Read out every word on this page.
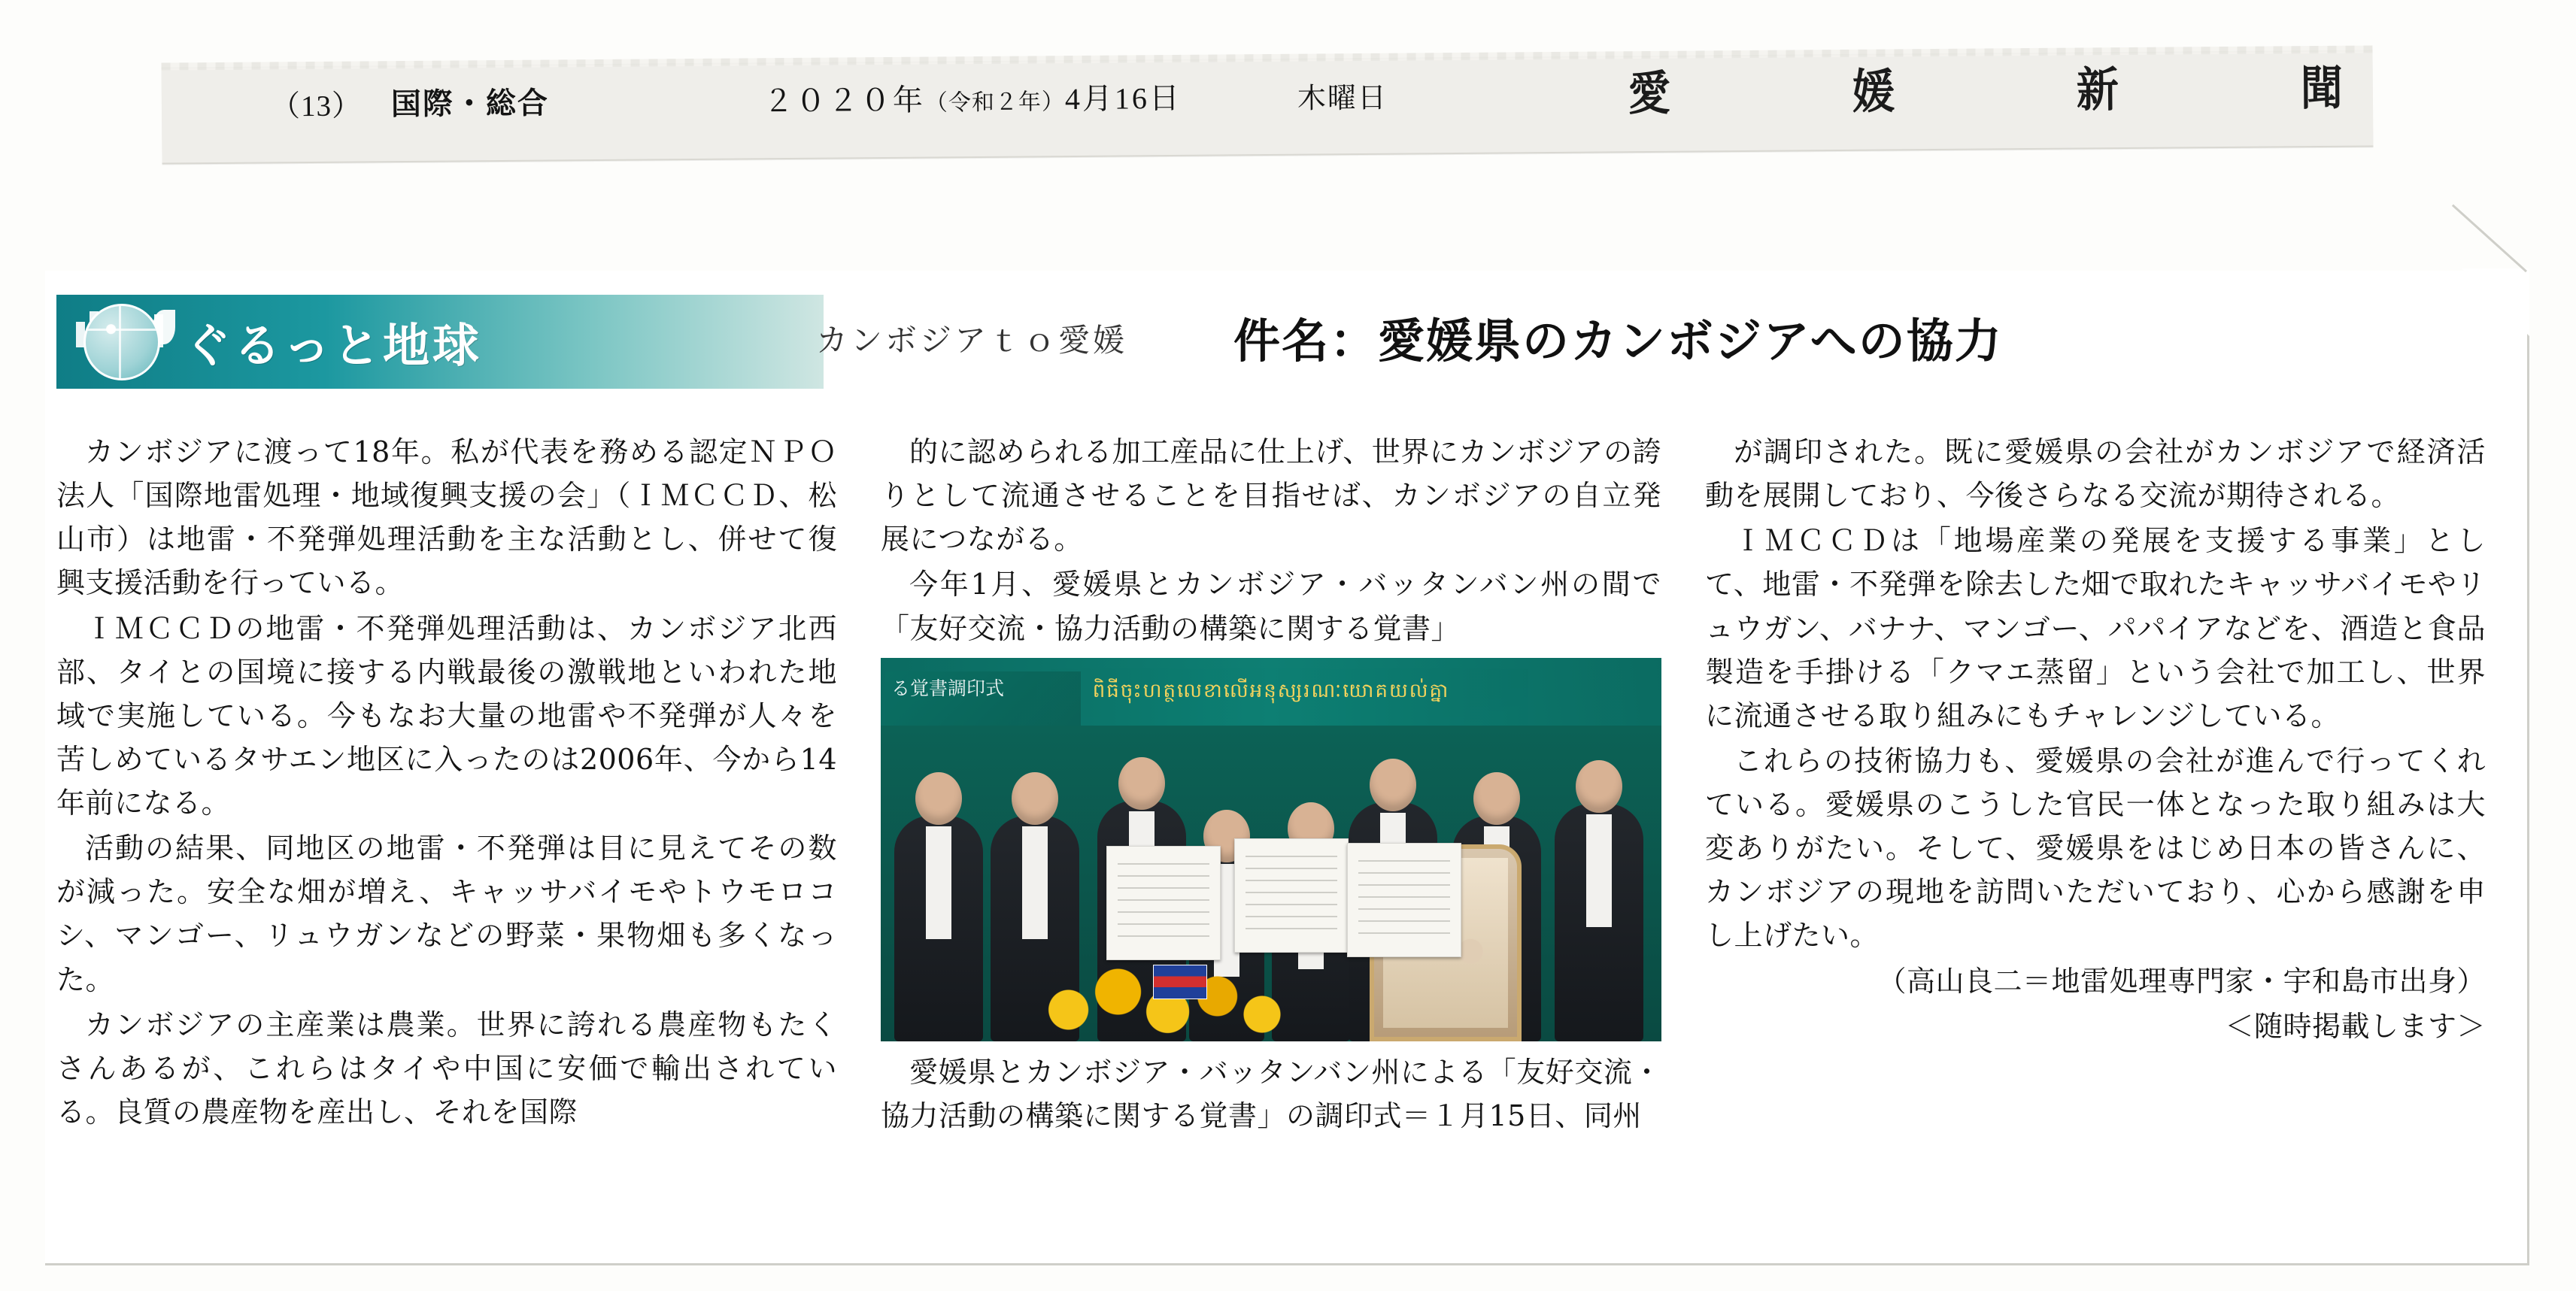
（13） 国際・総合	２０２０年（令和２年）4月16日	木曜日	愛	媛	新	聞
ぐるっと地球	カンボジアｔｏ愛媛 件名：愛媛県のカンボジアへの協力

カンボジアに渡って18年。私が代表を務める認定ＮＰＯ法人「国際地雷処理・地域復興支援の会」（ＩＭＣＣＤ、松山市）は地雷・不発弾処理活動を主な活動とし、併せて復興支援活動を行っている。

ＩＭＣＣＤの地雷・不発弾処理活動は、カンボジア北西部、タイとの国境に接する内戦最後の激戦地といわれた地域で実施している。今もなお大量の地雷や不発弾が人々を苦しめているタサエン地区に入ったのは2006年、今から14年前になる。

活動の結果、同地区の地雷・不発弾は目に見えてその数が減った。安全な畑が増え、キャッサバイモやトウモロコシ、マンゴー、リュウガンなどの野菜・果物畑も多くなった。

カンボジアの主産業は農業。世界に誇れる農産物もたくさんあるが、これらはタイや中国に安価で輸出されている。良質の農産物を産出し、それを国際

的に認められる加工産品に仕上げ、世界にカンボジアの誇りとして流通させることを目指せば、カンボジアの自立発展につながる。

今年1月、愛媛県とカンボジア・バッタンバン州の間で「友好交流・協力活動の構築に関する覚書」

ពិធីចុះហត្ថលេខាលើអនុស្សរណៈយោគយល់គ្នា
る覚書調印式

愛媛県とカンボジア・バッタンバン州による「友好交流・協力活動の構築に関する覚書」の調印式＝１月15日、同州

が調印された。既に愛媛県の会社がカンボジアで経済活動を展開しており、今後さらなる交流が期待される。

ＩＭＣＣＤは「地場産業の発展を支援する事業」として、地雷・不発弾を除去した畑で取れたキャッサバイモやリュウガン、バナナ、マンゴー、パパイアなどを、酒造と食品製造を手掛ける「クマエ蒸留」という会社で加工し、世界に流通させる取り組みにもチャレンジしている。

これらの技術協力も、愛媛県の会社が進んで行ってくれている。愛媛県のこうした官民一体となった取り組みは大変ありがたい。そして、愛媛県をはじめ日本の皆さんに、カンボジアの現地を訪問いただいており、心から感謝を申し上げたい。

（高山良二＝地雷処理専門家・宇和島市出身）

＜随時掲載します＞
